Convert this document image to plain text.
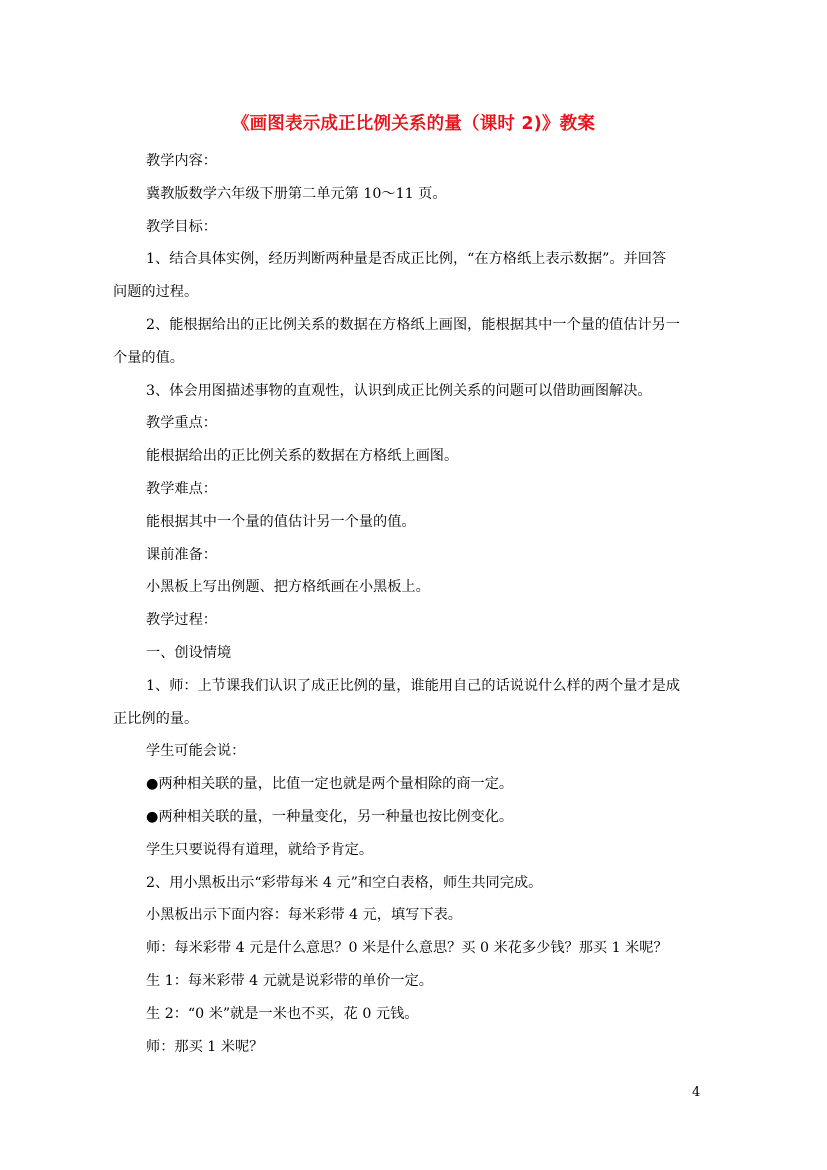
《画图表示成正比例关系的量（课时 2)》教案
教学内容：
冀教版数学六年级下册第二单元第 10～11 页。
教学目标：
1、结合具体实例，经历判断两种量是否成正比例，“在方格纸上表示数据”。并回答
问题的过程。
2、能根据给出的正比例关系的数据在方格纸上画图，能根据其中一个量的值估计另一
个量的值。
3、体会用图描述事物的直观性，认识到成正比例关系的问题可以借助画图解决。
教学重点：
能根据给出的正比例关系的数据在方格纸上画图。
教学难点：
能根据其中一个量的值估计另一个量的值。
课前准备：
小黑板上写出例题、把方格纸画在小黑板上。
教学过程：
一、创设情境
1、师：上节课我们认识了成正比例的量，谁能用自己的话说说什么样的两个量才是成
正比例的量。
学生可能会说：
●两种相关联的量，比值一定也就是两个量相除的商一定。
●两种相关联的量，一种量变化，另一种量也按比例变化。
学生只要说得有道理，就给予肯定。
2、用小黑板出示“彩带每米 4 元”和空白表格，师生共同完成。
小黑板出示下面内容：每米彩带 4 元，填写下表。
师：每米彩带 4 元是什么意思？0 米是什么意思？买 0 米花多少钱？那买 1 米呢？
生 1：每米彩带 4 元就是说彩带的单价一定。
生 2：“0 米”就是一米也不买，花 0 元钱。
师：那买 1 米呢？
4
